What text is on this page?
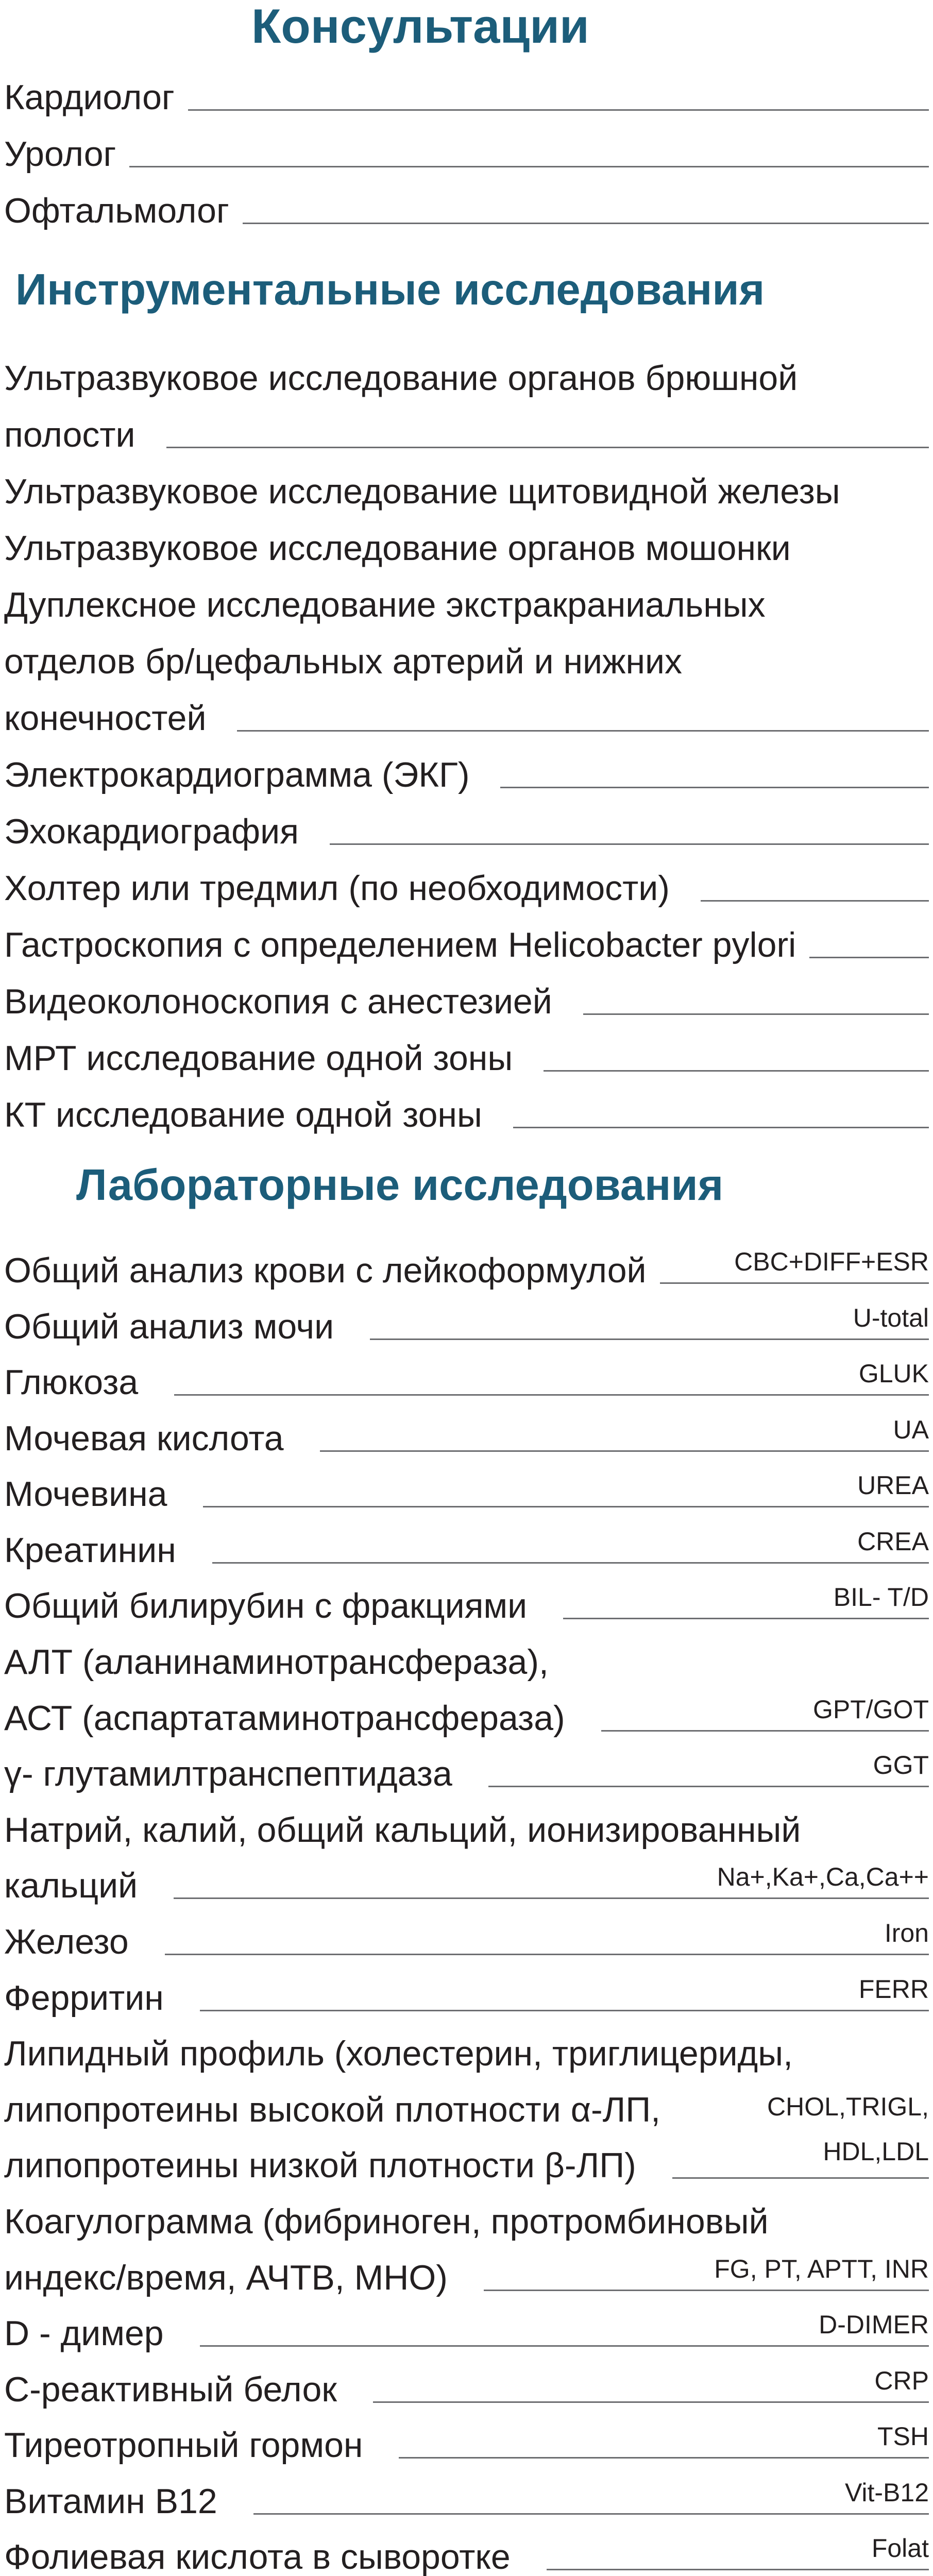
Консультации
Кардиолог
Уролог
Офтальмолог
Инструментальные исследования
Ультразвуковое исследование органов брюшной
полости
Ультразвуковое исследование щитовидной железы
Ультразвуковое исследование органов мошонки
Дуплексное исследование экстракраниальных
отделов бр/цефальных артерий и нижних
конечностей
Электрокардиограмма (ЭКГ)
Эхокардиография
Холтер или тредмил (по необходимости)
Гастроскопия с определением Helicobacter pylori
Видеоколоноскопия с анестезией
МРТ исследование одной зоны
КТ исследование одной зоны
Лабораторные исследования
Общий анализ крови с лейкоформулой	CBC+DIFF+ESR
Общий анализ мочи	U-total
Глюкоза	GLUK
Мочевая кислота	UA
Мочевина	UREA
Креатинин	CREA
Общий билирубин с фракциями	BIL- T/D
АЛТ (аланинаминотрансфераза),
АСТ (аспартатаминотрансфераза)	GPT/GOT
γ- глутамилтранспептидаза	GGT
Натрий, калий, общий кальций, ионизированный
кальций	Na+,Ka+,Ca,Ca++
Железо	Iron
Ферритин	FERR
Липидный профиль (холестерин, триглицериды,
липопротеины высокой плотности α-ЛП,	CHOL,TRIGL,
липопротеины низкой плотности β-ЛП)	HDL,LDL
Коагулограмма (фибриноген, протромбиновый
индекс/время, АЧТВ, МНО)	FG, PT, APTT, INR
D - димер	D-DIMER
С-реактивный белок	CRP
Тиреотропный гормон	TSH
Витамин В12	Vit-B12
Фолиевая кислота в сыворотке	Folat
